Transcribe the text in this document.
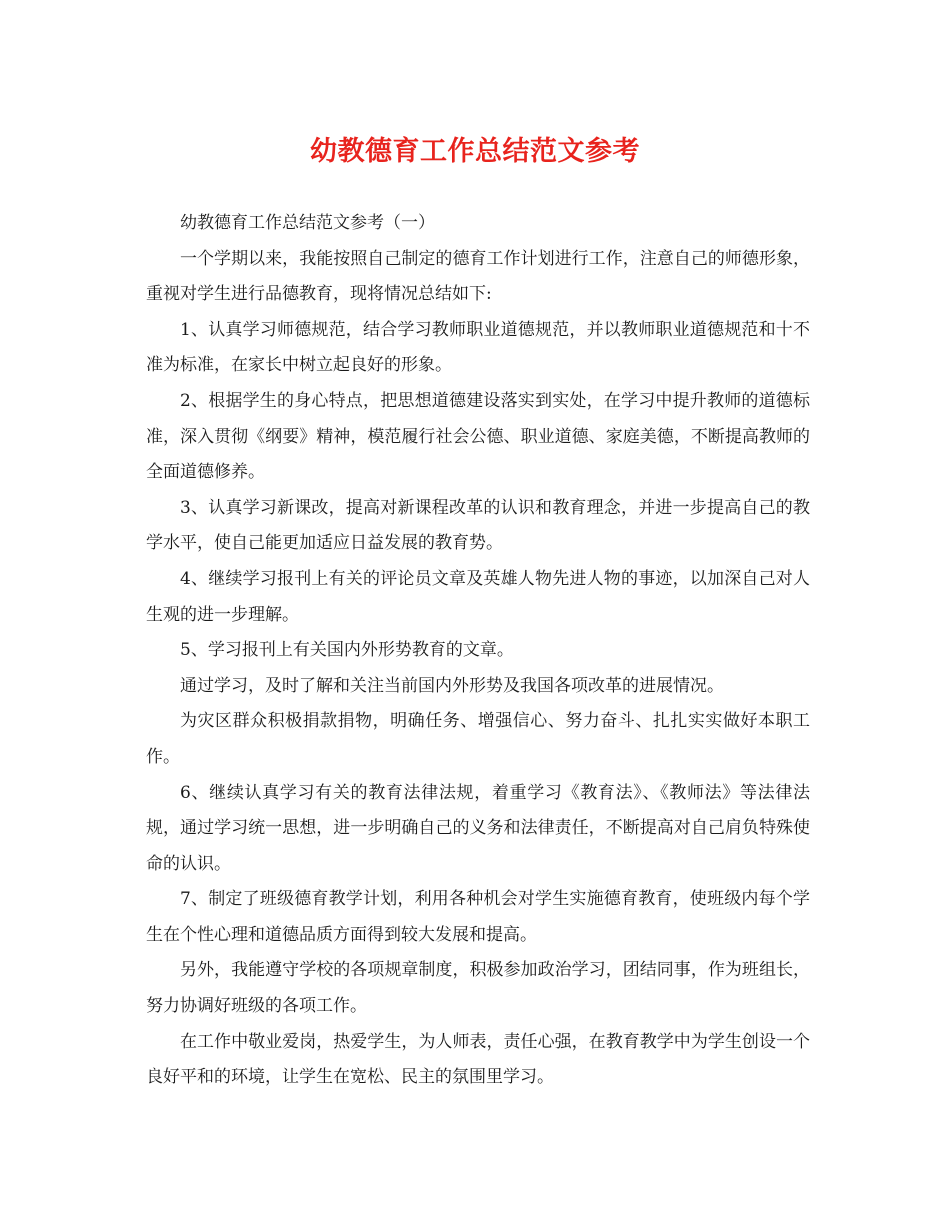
幼教德育工作总结范文参考

幼教德育工作总结范文参考（一）

一个学期以来，我能按照自己制定的德育工作计划进行工作，注意自己的师德形象，重视对学生进行品德教育，现将情况总结如下:

1、认真学习师德规范，结合学习教师职业道德规范，并以教师职业道德规范和十不准为标准，在家长中树立起良好的形象。

2、根据学生的身心特点，把思想道德建设落实到实处，在学习中提升教师的道德标准，深入贯彻《纲要》精神，模范履行社会公德、职业道德、家庭美德，不断提高教师的全面道德修养。

3、认真学习新课改，提高对新课程改革的认识和教育理念，并进一步提高自己的教学水平，使自己能更加适应日益发展的教育势。

4、继续学习报刊上有关的评论员文章及英雄人物先进人物的事迹，以加深自己对人生观的进一步理解。

5、学习报刊上有关国内外形势教育的文章。

通过学习，及时了解和关注当前国内外形势及我国各项改革的进展情况。

为灾区群众积极捐款捐物，明确任务、增强信心、努力奋斗、扎扎实实做好本职工作。

6、继续认真学习有关的教育法律法规，着重学习《教育法》、《教师法》等法律法规，通过学习统一思想，进一步明确自己的义务和法律责任，不断提高对自己肩负特殊使命的认识。

7、制定了班级德育教学计划，利用各种机会对学生实施德育教育，使班级内每个学生在个性心理和道德品质方面得到较大发展和提高。

另外，我能遵守学校的各项规章制度，积极参加政治学习，团结同事，作为班组长，努力协调好班级的各项工作。

在工作中敬业爱岗，热爱学生，为人师表，责任心强，在教育教学中为学生创设一个良好平和的环境，让学生在宽松、民主的氛围里学习。
